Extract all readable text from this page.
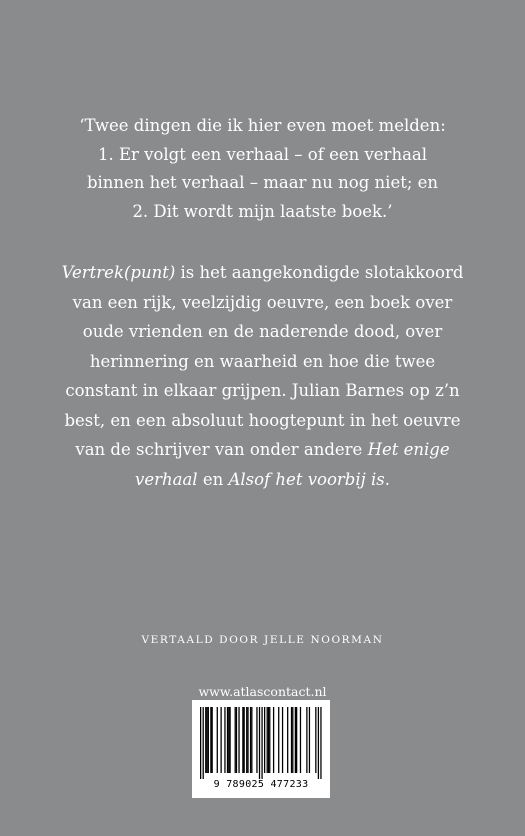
‘Twee dingen die ik hier even moet melden:
1. Er volgt een verhaal – of een verhaal
binnen het verhaal – maar nu nog niet; en
2. Dit wordt mijn laatste boek.’
Vertrek(punt) is het aangekondigde slotakkoord
van een rijk, veelzijdig oeuvre, een boek over
oude vrienden en de naderende dood, over
herinnering en waarheid en hoe die twee
constant in elkaar grijpen. Julian Barnes op z’n
best, en een absoluut hoogtepunt in het oeuvre
van de schrijver van onder andere Het enige
verhaal en Alsof het voorbij is.
VERTAALD DOOR JELLE NOORMAN
www.atlascontact.nl
9 789025 477233
